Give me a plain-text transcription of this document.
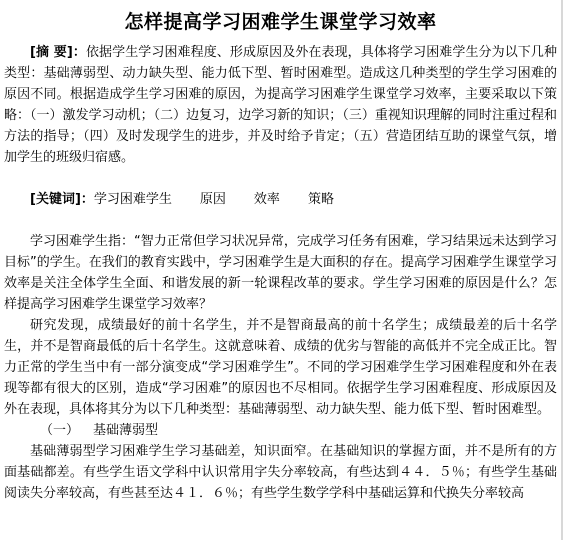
怎样提高学习困难学生课堂学习效率

[摘 要]：依据学生学习困难程度、形成原因及外在表现，具体将学习困难学生分为以下几种类型：基础薄弱型、动力缺失型、能力低下型、暂时困难型。造成这几种类型的学生学习困难的原因不同。根据造成学生学习困难的原因，为提高学习困难学生课堂学习效率，主要采取以下策略：（一）激发学习动机；（二）边复习，边学习新的知识；（三）重视知识理解的同时注重过程和方法的指导；（四）及时发现学生的进步，并及时给予肯定；（五）营造团结互助的课堂气氛，增加学生的班级归宿感。

[关键词]：学习困难学生 原因 效率 策略

学习困难学生指：“智力正常但学习状况异常，完成学习任务有困难，学习结果远未达到学习目标”的学生。在我们的教育实践中，学习困难学生是大面积的存在。提高学习困难学生课堂学习效率是关注全体学生全面、和谐发展的新一轮课程改革的要求。学生学习困难的原因是什么？怎样提高学习困难学生课堂学习效率？

研究发现，成绩最好的前十名学生，并不是智商最高的前十名学生；成绩最差的后十名学生，并不是智商最低的后十名学生。这就意味着、成绩的优劣与智能的高低并不完全成正比。智力正常的学生当中有一部分演变成“学习困难学生”。不同的学习困难学生学习困难程度和外在表现等都有很大的区别，造成“学习困难”的原因也不尽相同。依据学生学习困难程度、形成原因及外在表现，具体将其分为以下几种类型：基础薄弱型、动力缺失型、能力低下型、暂时困难型。

（一） 基础薄弱型

基础薄弱型学习困难学生学习基础差，知识面窄。在基础知识的掌握方面，并不是所有的方面基础都差。有些学生语文学科中认识常用字失分率较高，有些达到４４．５％；有些学生基础阅读失分率较高，有些甚至达４１．６％；有些学生数学学科中基础运算和代换失分率较高
